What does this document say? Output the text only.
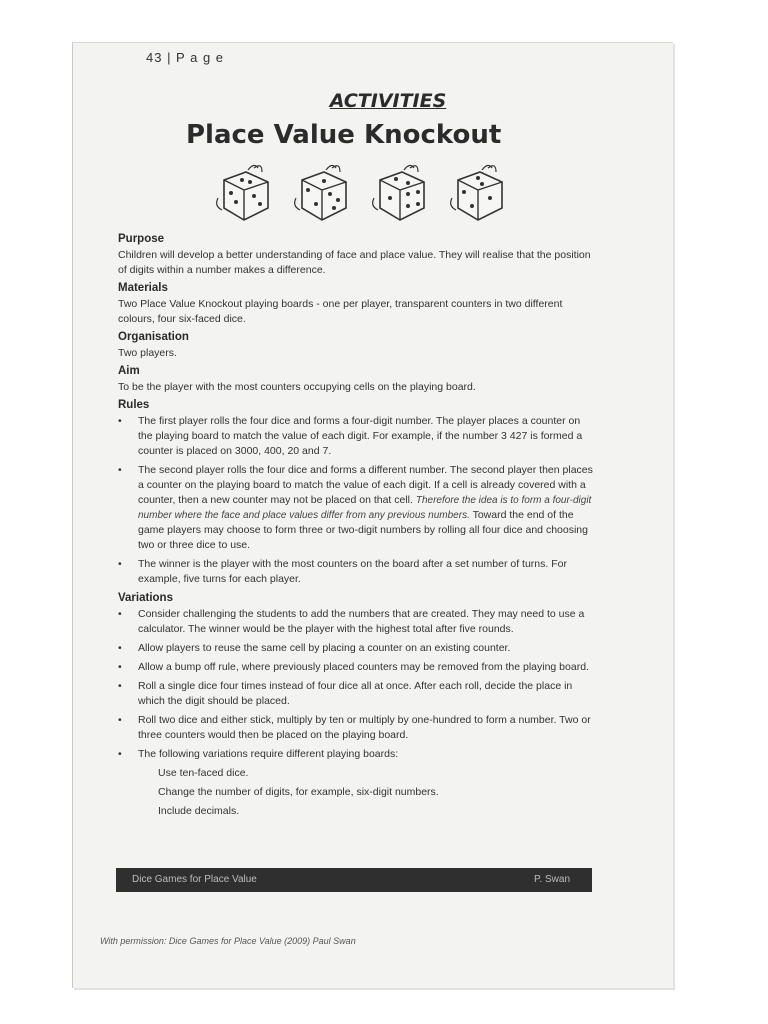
43 | P a g e
ACTIVITIES
Place Value Knockout
Purpose
Children will develop a better understanding of face and place value. They will realise that the position of digits within a number makes a difference.
Materials
Two Place Value Knockout playing boards - one per player, transparent counters in two different colours, four six-faced dice.
Organisation
Two players.
Aim
To be the player with the most counters occupying cells on the playing board.
Rules
• The first player rolls the four dice and forms a four-digit number. The player places a counter on the playing board to match the value of each digit. For example, if the number 3 427 is formed a counter is placed on 3000, 400, 20 and 7.
• The second player rolls the four dice and forms a different number. The second player then places a counter on the playing board to match the value of each digit. If a cell is already covered with a counter, then a new counter may not be placed on that cell. Therefore the idea is to form a four-digit number where the face and place values differ from any previous numbers. Toward the end of the game players may choose to form three or two-digit numbers by rolling all four dice and choosing two or three dice to use.
• The winner is the player with the most counters on the board after a set number of turns. For example, five turns for each player.
Variations
• Consider challenging the students to add the numbers that are created. They may need to use a calculator. The winner would be the player with the highest total after five rounds.
• Allow players to reuse the same cell by placing a counter on an existing counter.
• Allow a bump off rule, where previously placed counters may be removed from the playing board.
• Roll a single dice four times instead of four dice all at once. After each roll, decide the place in which the digit should be placed.
• Roll two dice and either stick, multiply by ten or multiply by one-hundred to form a number. Two or three counters would then be placed on the playing board.
• The following variations require different playing boards:
Use ten-faced dice.
Change the number of digits, for example, six-digit numbers.
Include decimals.
Dice Games for Place Value	P. Swan
With permission: Dice Games for Place Value (2009) Paul Swan
